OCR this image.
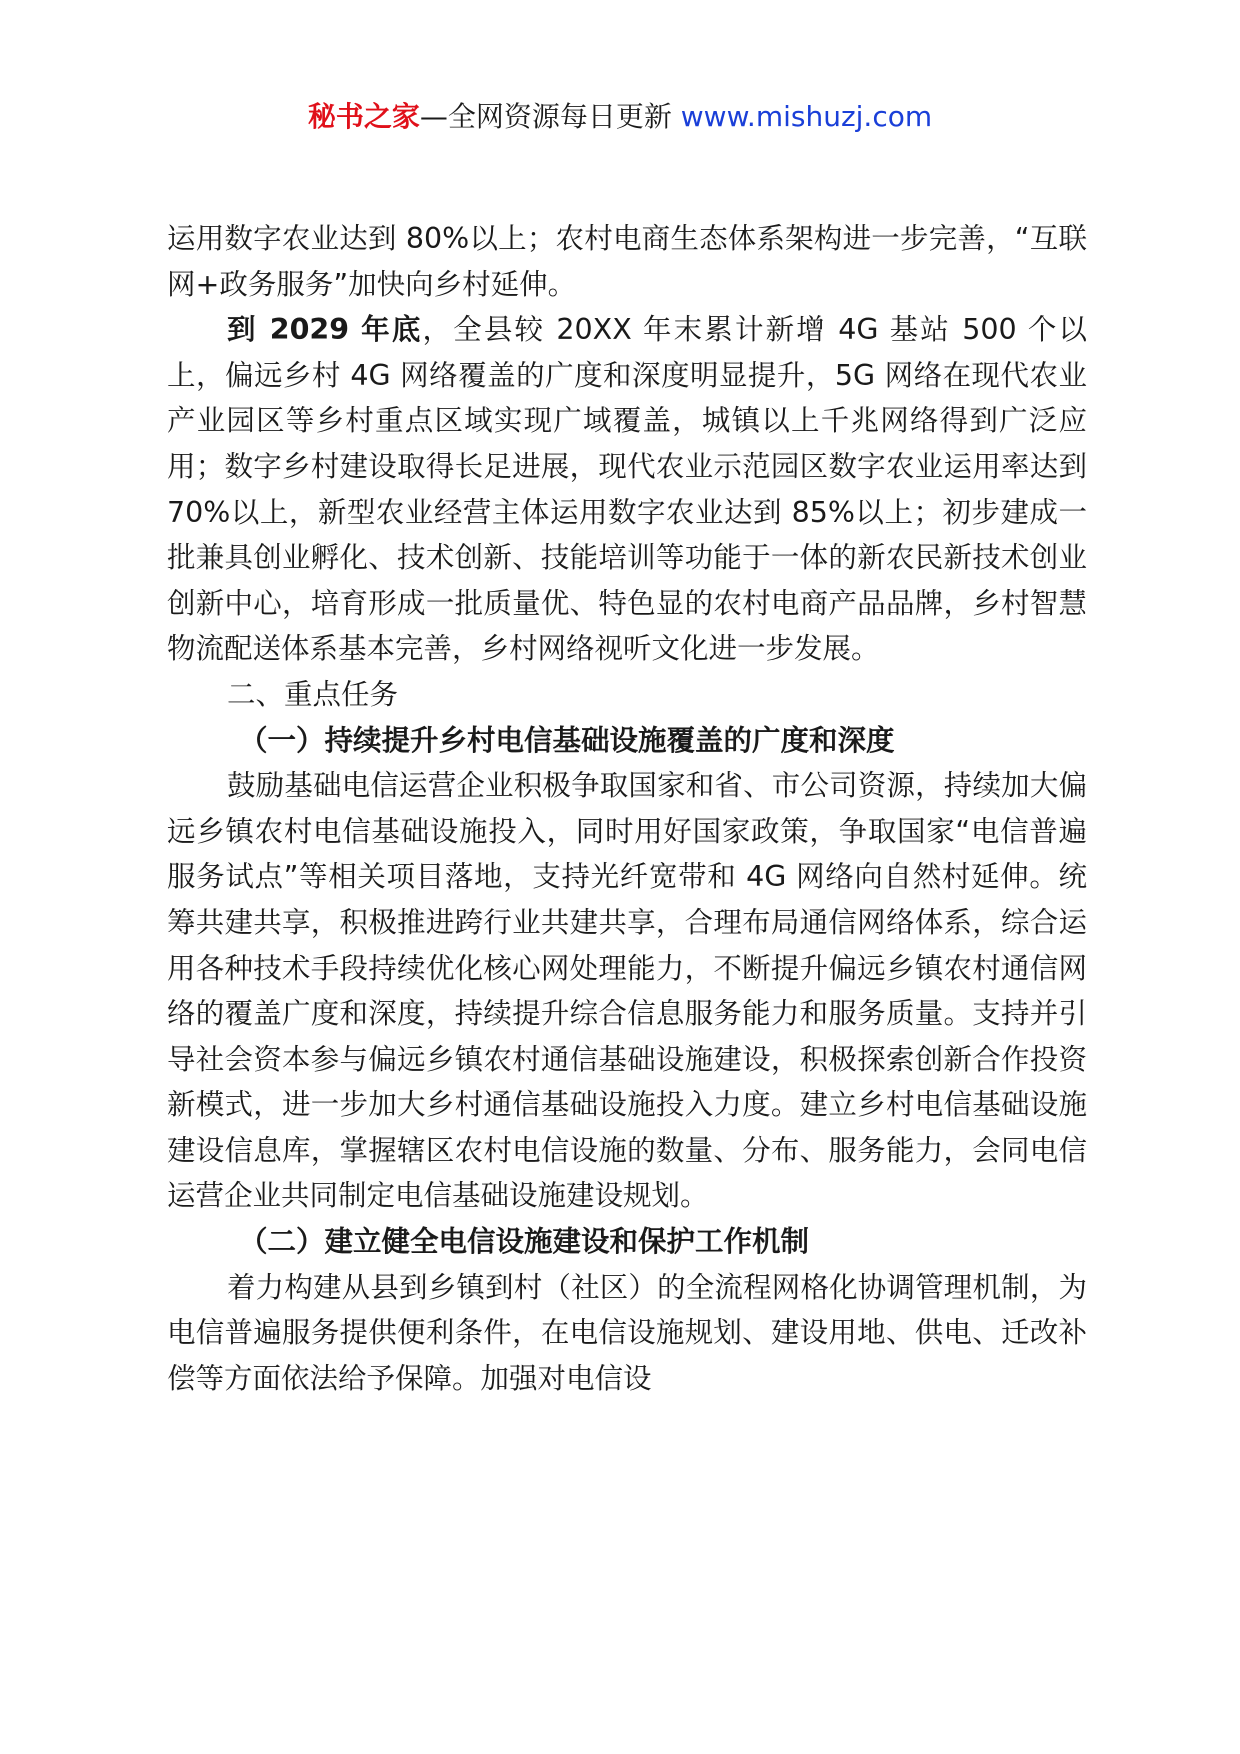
秘书之家—全网资源每日更新 www.mishuzj.com

运用数字农业达到 80%以上；农村电商生态体系架构进一步完善，“互联网+政务服务”加快向乡村延伸。

到 2029 年底，全县较 20XX 年末累计新增 4G 基站 500 个以上，偏远乡村 4G 网络覆盖的广度和深度明显提升，5G 网络在现代农业产业园区等乡村重点区域实现广域覆盖，城镇以上千兆网络得到广泛应用；数字乡村建设取得长足进展，现代农业示范园区数字农业运用率达到 70%以上，新型农业经营主体运用数字农业达到 85%以上；初步建成一批兼具创业孵化、技术创新、技能培训等功能于一体的新农民新技术创业创新中心，培育形成一批质量优、特色显的农村电商产品品牌，乡村智慧物流配送体系基本完善，乡村网络视听文化进一步发展。

二、重点任务

（一）持续提升乡村电信基础设施覆盖的广度和深度

鼓励基础电信运营企业积极争取国家和省、市公司资源，持续加大偏远乡镇农村电信基础设施投入，同时用好国家政策，争取国家“电信普遍服务试点”等相关项目落地，支持光纤宽带和 4G 网络向自然村延伸。统筹共建共享，积极推进跨行业共建共享，合理布局通信网络体系，综合运用各种技术手段持续优化核心网处理能力，不断提升偏远乡镇农村通信网络的覆盖广度和深度，持续提升综合信息服务能力和服务质量。支持并引导社会资本参与偏远乡镇农村通信基础设施建设，积极探索创新合作投资新模式，进一步加大乡村通信基础设施投入力度。建立乡村电信基础设施建设信息库，掌握辖区农村电信设施的数量、分布、服务能力，会同电信运营企业共同制定电信基础设施建设规划。

（二）建立健全电信设施建设和保护工作机制

着力构建从县到乡镇到村（社区）的全流程网格化协调管理机制，为电信普遍服务提供便利条件，在电信设施规划、建设用地、供电、迁改补偿等方面依法给予保障。加强对电信设
